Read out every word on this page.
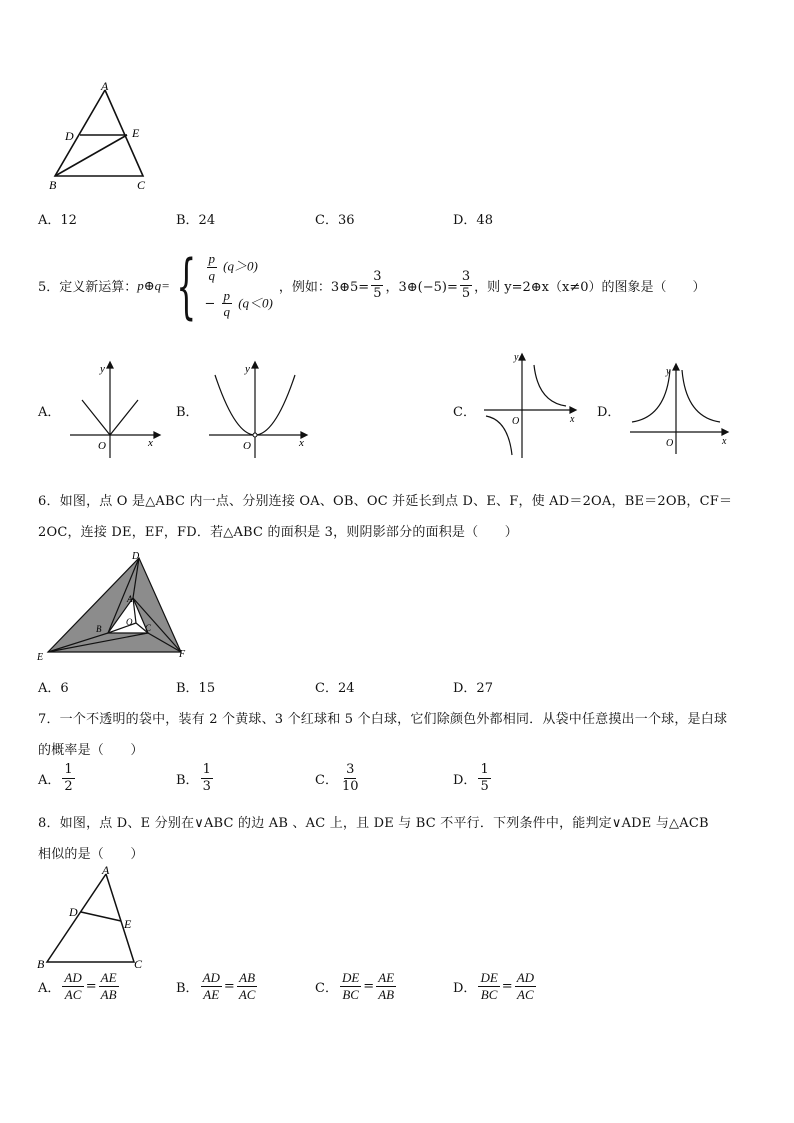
A
D	E
B	C
A．12	B．24	C．36	D．48
5．定义新运算： p⊕q= { $\frac{p}{q} (q>0)$
− $\frac{p}{q} (q<0)$
，例如：3⊕5= $\frac{3}{5}$ ，3⊕(−5)= $\frac{3}{5}$ ，则 y=2⊕x（x≠0）的图象是（　　）
A．	B．	C．	D．
y
x
O
y
x
O
y
x
O
y
x
O
6．如图，点 O 是△ABC 内一点、分别连接 OA、OB、OC 并延长到点 D、E、F，使 AD＝2OA，BE＝2OB，CF＝
2OC，连接 DE，EF，FD．若△ABC 的面积是 3，则阴影部分的面积是（　　）
D
A
B
O
C
E	F
A．6	B．15	C．24	D．27
7．一个不透明的袋中，装有 2 个黄球、3 个红球和 5 个白球，它们除颜色外都相同．从袋中任意摸出一个球，是白球
的概率是（　　）
A． $\frac{1}{2}$	B． $\frac{1}{3}$	C． $\frac{3}{10}$	D． $\frac{1}{5}$
8．如图，点 D、E 分别在∨ABC 的边 AB 、AC 上，且 DE 与 BC 不平行．下列条件中，能判定∨ADE 与△ACB
相似的是（　　）
A
D
E
B	C
A． $\frac{AD}{AC} = \frac{AE}{AB}$	B． $\frac{AD}{AE} = \frac{AB}{AC}$	C． $\frac{DE}{BC} = \frac{AE}{AB}$	D． $\frac{DE}{BC} = \frac{AD}{AC}$
